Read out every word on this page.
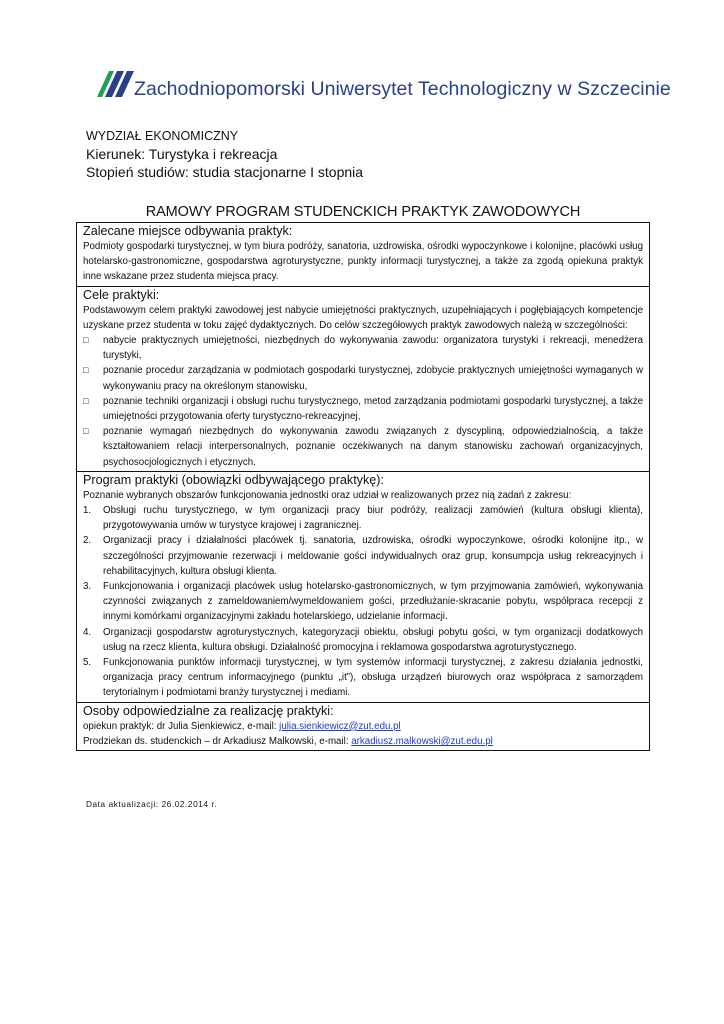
Zachodniopomorski Uniwersytet Technologiczny w Szczecinie
WYDZIAŁ EKONOMICZNY
Kierunek: Turystyka i rekreacja
Stopień studiów: studia stacjonarne I stopnia
RAMOWY PROGRAM STUDENCKICH PRAKTYK ZAWODOWYCH
Zalecane miejsce odbywania praktyk:

Podmioty gospodarki turystycznej, w tym biura podróży, sanatoria, uzdrowiska, ośrodki wypoczynkowe i kolonijne, placówki usług hotelarsko-gastronomiczne, gospodarstwa agroturystyczne, punkty informacji turystycznej, a także za zgodą opiekuna praktyk inne wskazane przez studenta miejsca pracy.

Cele praktyki:

Podstawowym celem praktyki zawodowej jest nabycie umiejętności praktycznych, uzupełniających i pogłębiających kompetencje uzyskane przez studenta w toku zajęć dydaktycznych. Do celów szczegółowych praktyk zawodowych należą w szczególności:

□ nabycie praktycznych umiejętności, niezbędnych do wykonywania zawodu: organizatora turystyki i rekreacji, menedżera turystyki,
□ poznanie procedur zarządzania w podmiotach gospodarki turystycznej, zdobycie praktycznych umiejętności wymaganych w wykonywaniu pracy na określonym stanowisku,
□ poznanie techniki organizacji i obsługi ruchu turystycznego, metod zarządzania podmiotami gospodarki turystycznej, a także umiejętności przygotowania oferty turystyczno-rekreacyjnej,
□ poznanie wymagań niezbędnych do wykonywania zawodu związanych z dyscypliną, odpowiedzialnością, a także kształtowaniem relacji interpersonalnych, poznanie oczekiwanych na danym stanowisku zachowań organizacyjnych, psychosocjologicznych i etycznych.
Program praktyki (obowiązki odbywającego praktykę):

Poznanie wybranych obszarów funkcjonowania jednostki oraz udział w realizowanych przez nią zadań z zakresu:

1. Obsługi ruchu turystycznego, w tym organizacji pracy biur podróży, realizacji zamówień (kultura obsługi klienta), przygotowywania umów w turystyce krajowej i zagranicznej.
2. Organizacji pracy i działalności placówek tj. sanatoria, uzdrowiska, ośrodki wypoczynkowe, ośrodki kolonijne itp., w szczególności przyjmowanie rezerwacji i meldowanie gości indywidualnych oraz grup, konsumpcja usług rekreacyjnych i rehabilitacyjnych, kultura obsługi klienta.
3. Funkcjonowania i organizacji placówek usług hotelarsko-gastronomicznych, w tym przyjmowania zamówień, wykonywania czynności związanych z zameldowaniem/wymeldowaniem gości, przedłużanie-skracanie pobytu, współpraca recepcji z innymi komórkami organizacyjnymi zakładu hotelarskiego, udzielanie informacji.
4. Organizacji gospodarstw agroturystycznych, kategoryzacji obiektu, obsługi pobytu gości, w tym organizacji dodatkowych usług na rzecz klienta, kultura obsługi. Działalność promocyjna i reklamowa gospodarstwa agroturystycznego.
5. Funkcjonowania punktów informacji turystycznej, w tym systemów informacji turystycznej, z zakresu działania jednostki, organizacja pracy centrum informacyjnego (punktu „it”), obsługa urządzeń biurowych oraz współpraca z samorządem terytorialnym i podmiotami branży turystycznej i mediami.
Osoby odpowiedzialne za realizację praktyki:
opiekun praktyk: dr Julia Sienkiewicz, e-mail: julia.sienkiewicz@zut.edu.pl
Prodziekan ds. studenckich – dr Arkadiusz Malkowski, e-mail: arkadiusz.malkowski@zut.edu.pl
Data aktualizacji: 26.02.2014 r.
